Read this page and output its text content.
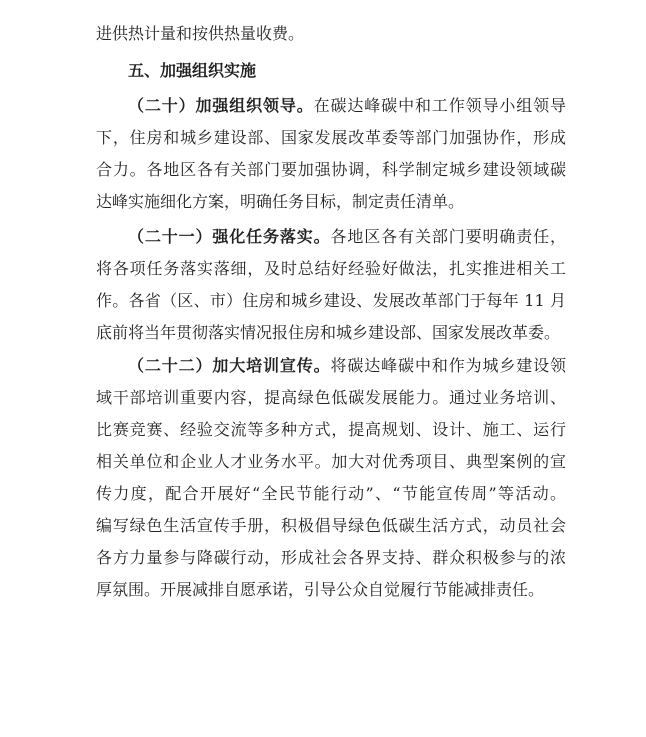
进供热计量和按供热量收费。
五、加强组织实施
（二十）加强组织领导。在碳达峰碳中和工作领导小组领导
下，住房和城乡建设部、国家发展改革委等部门加强协作，形成
合力。各地区各有关部门要加强协调，科学制定城乡建设领域碳
达峰实施细化方案，明确任务目标，制定责任清单。
（二十一）强化任务落实。各地区各有关部门要明确责任，
将各项任务落实落细，及时总结好经验好做法，扎实推进相关工
作。各省（区、市）住房和城乡建设、发展改革部门于每年 11 月
底前将当年贯彻落实情况报住房和城乡建设部、国家发展改革委。
（二十二）加大培训宣传。将碳达峰碳中和作为城乡建设领
域干部培训重要内容，提高绿色低碳发展能力。通过业务培训、
比赛竞赛、经验交流等多种方式，提高规划、设计、施工、运行
相关单位和企业人才业务水平。加大对优秀项目、典型案例的宣
传力度，配合开展好“全民节能行动”、“节能宣传周”等活动。
编写绿色生活宣传手册，积极倡导绿色低碳生活方式，动员社会
各方力量参与降碳行动，形成社会各界支持、群众积极参与的浓
厚氛围。开展减排自愿承诺，引导公众自觉履行节能减排责任。
